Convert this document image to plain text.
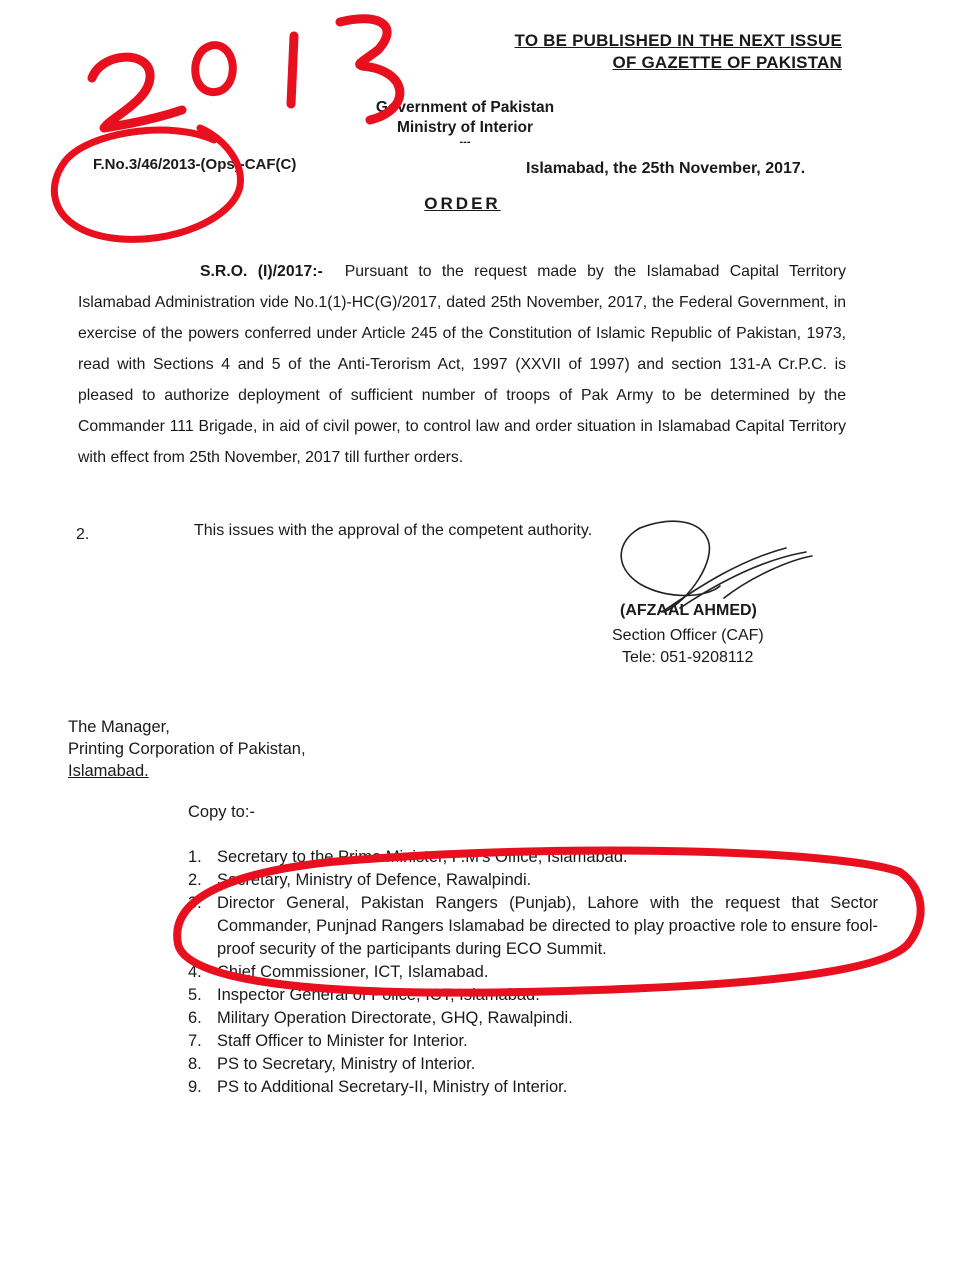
TO BE PUBLISHED IN THE NEXT ISSUE
OF GAZETTE OF PAKISTAN
Government of Pakistan
Ministry of Interior
---
F.No.3/46/2013-(Ops)-CAF(C)	Islamabad, the 25th November, 2017.
ORDER
S.R.O. (I)/2017:- Pursuant to the request made by the Islamabad Capital Territory Islamabad Administration vide No.1(1)-HC(G)/2017, dated 25th November, 2017, the Federal Government, in exercise of the powers conferred under Article 245 of the Constitution of Islamic Republic of Pakistan, 1973, read with Sections 4 and 5 of the Anti-Terorism Act, 1997 (XXVII of 1997) and section 131-A Cr.P.C. is pleased to authorize deployment of sufficient number of troops of Pak Army to be determined by the Commander 111 Brigade, in aid of civil power, to control law and order situation in Islamabad Capital Territory with effect from 25th November, 2017 till further orders.
2.	This issues with the approval of the competent authority.
(AFZAAL AHMED)
Section Officer (CAF)
Tele: 051-9208112
The Manager,
Printing Corporation of Pakistan,
Islamabad.
Copy to:-
1. Secretary to the Prime Minister, P.M's Office, Islamabad.
2. Secretary, Ministry of Defence, Rawalpindi.
3. Director General, Pakistan Rangers (Punjab), Lahore with the request that Sector Commander, Punjnad Rangers Islamabad be directed to play proactive role to ensure fool-proof security of the participants during ECO Summit.
4. Chief Commissioner, ICT, Islamabad.
5. Inspector General of Police, ICT, Islamabad.
6. Military Operation Directorate, GHQ, Rawalpindi.
7. Staff Officer to Minister for Interior.
8. PS to Secretary, Ministry of Interior.
9. PS to Additional Secretary-II, Ministry of Interior.
